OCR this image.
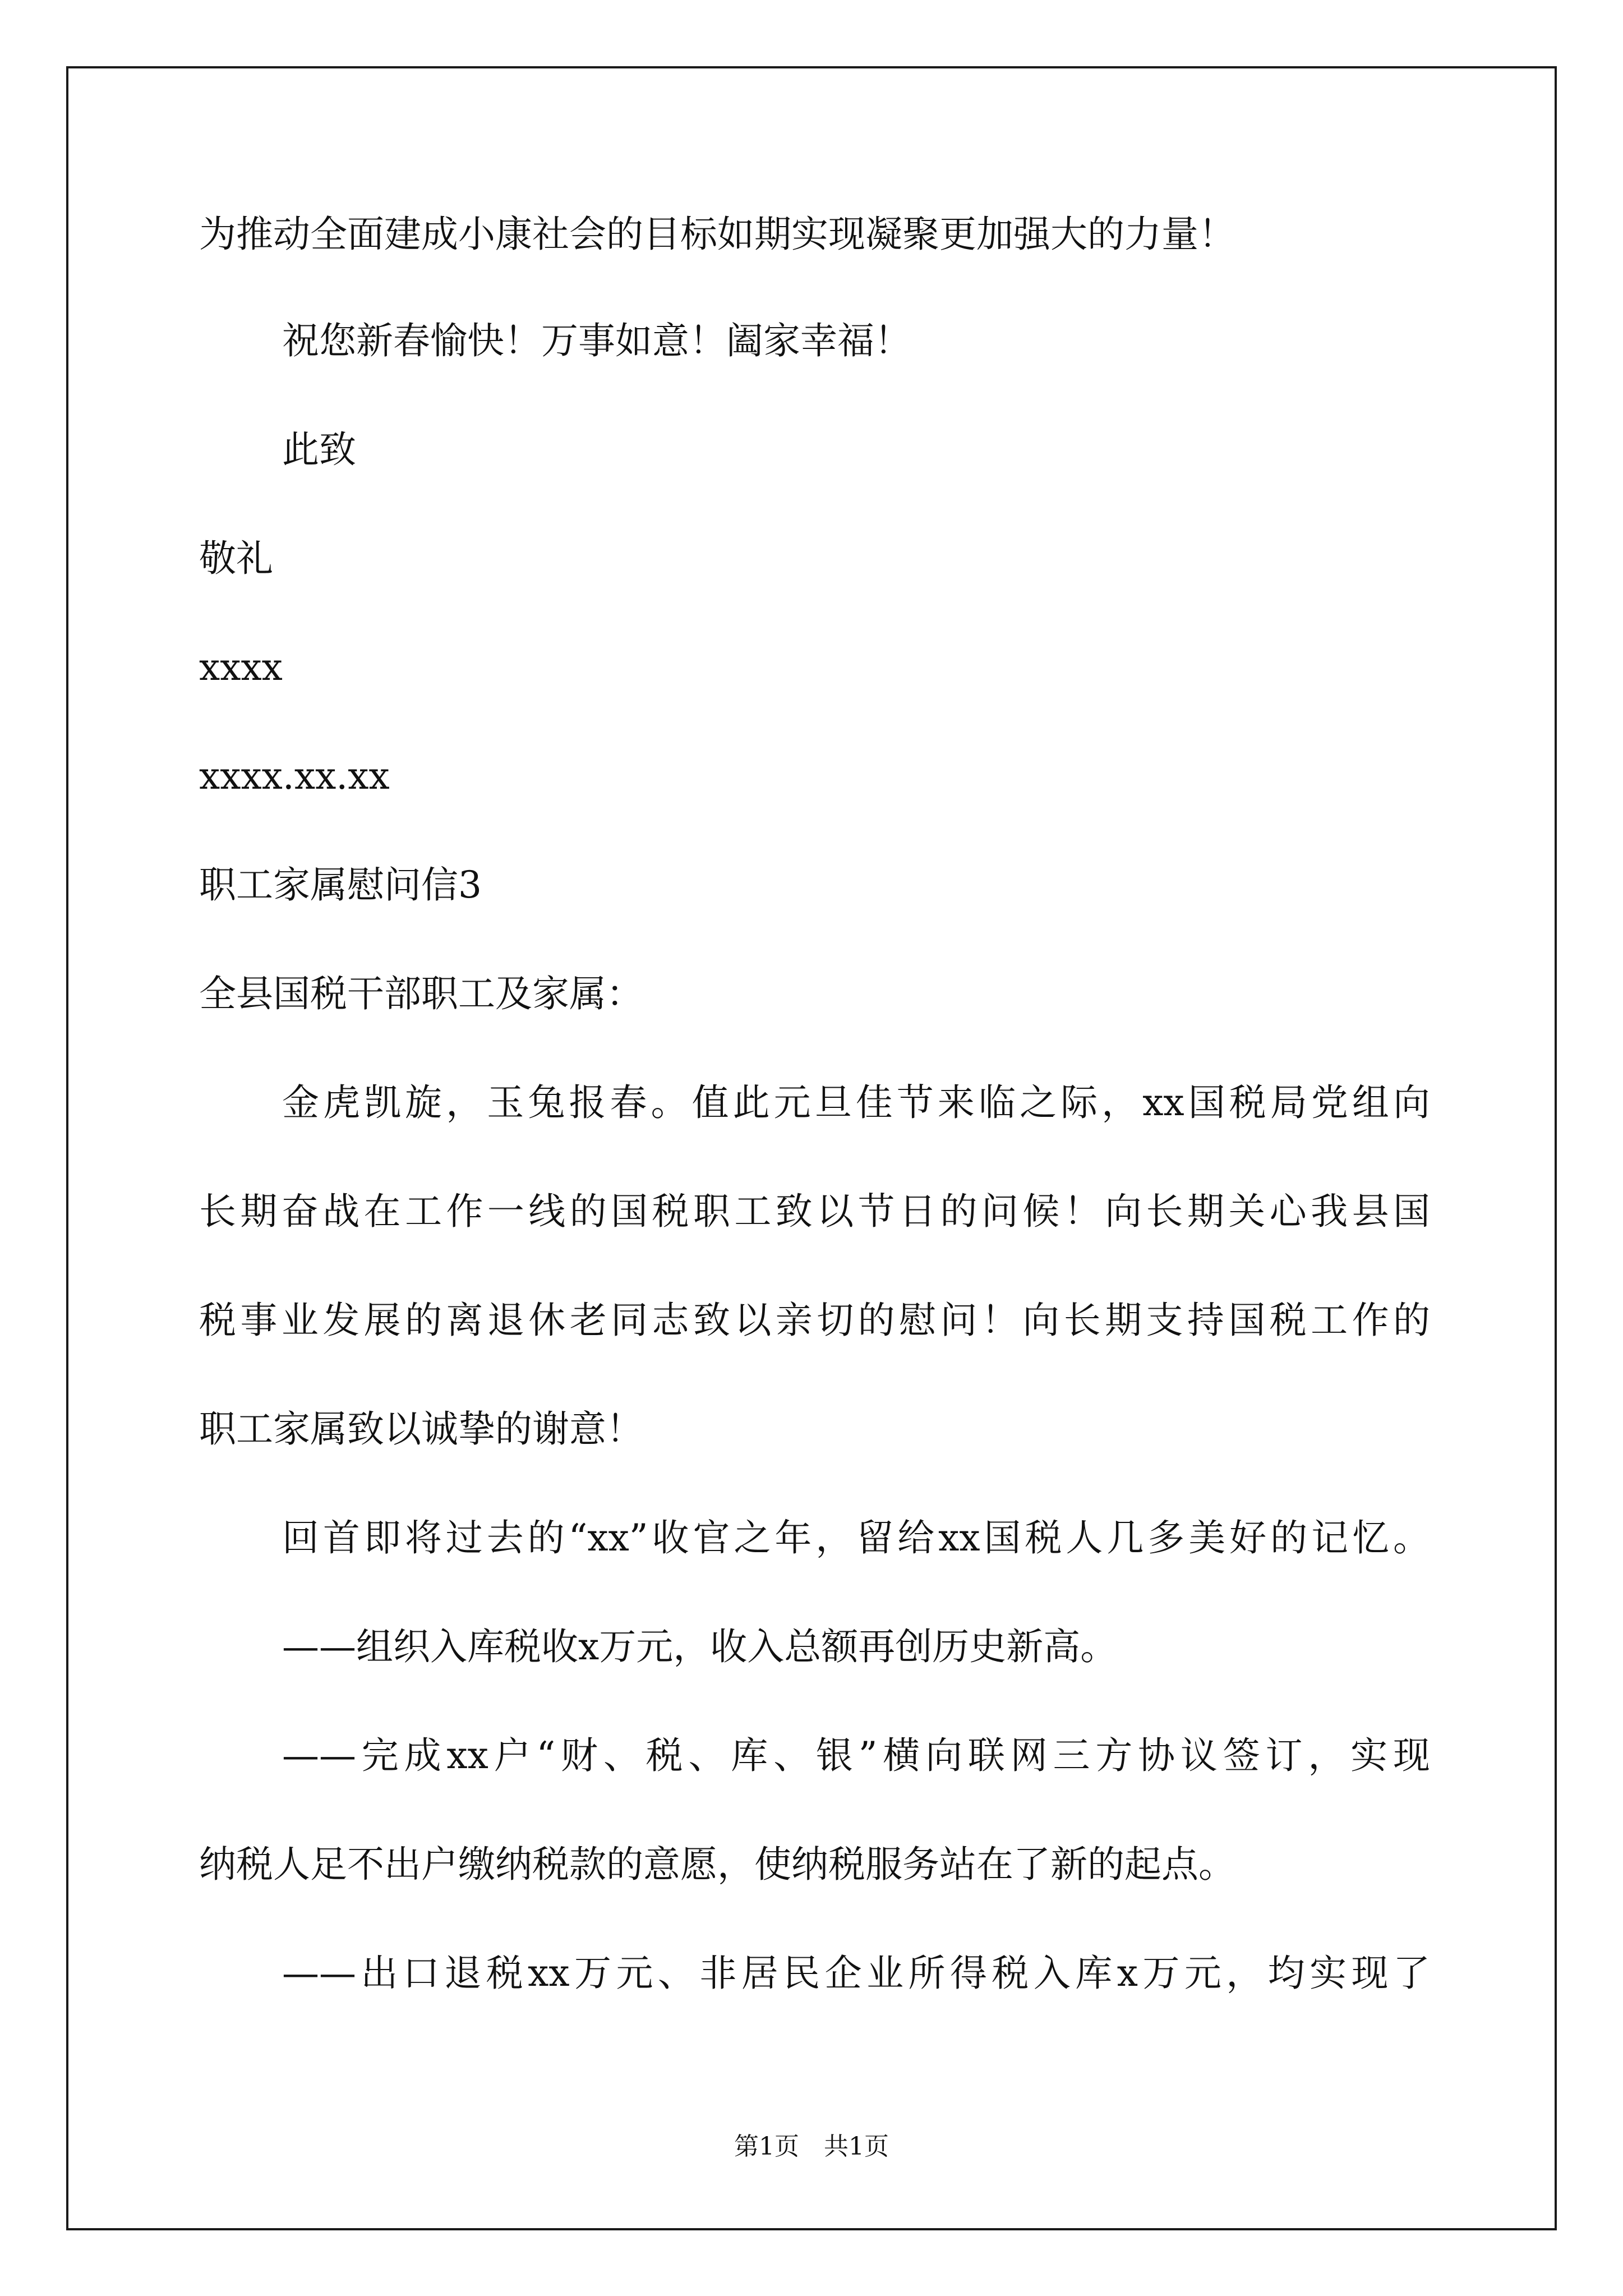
为推动全面建成小康社会的目标如期实现凝聚更加强大的力量！
祝您新春愉快！万事如意！阖家幸福！
此致
敬礼
xxxx
xxxx.xx.xx
职工家属慰问信3
全县国税干部职工及家属：
金虎凯旋，玉兔报春。值此元旦佳节来临之际，xx国税局党组向
长期奋战在工作一线的国税职工致以节日的问候！向长期关心我县国
税事业发展的离退休老同志致以亲切的慰问！向长期支持国税工作的
职工家属致以诚挚的谢意！
回首即将过去的“xx”收官之年，留给xx国税人几多美好的记忆。
——组织入库税收x万元，收入总额再创历史新高。
——完成xx户“财、税、库、银”横向联网三方协议签订，实现
纳税人足不出户缴纳税款的意愿，使纳税服务站在了新的起点。
——出口退税xx万元、非居民企业所得税入库x万元，均实现了
第1页 共1页
